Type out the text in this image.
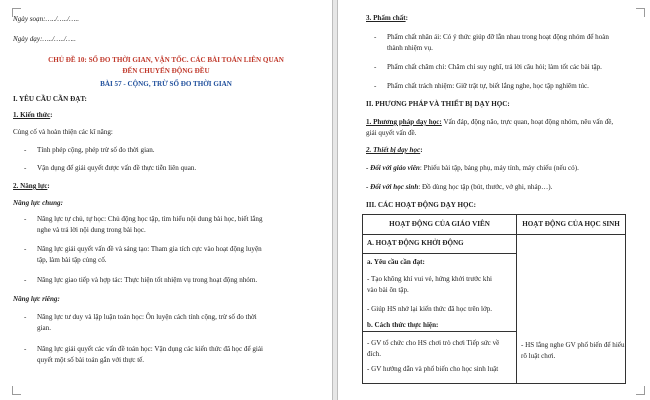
Ngày soạn:…../…../…..
Ngày dạy:…../…../…..
CHỦ ĐỀ 10: SỐ ĐO THỜI GIAN, VẬN TỐC. CÁC BÀI TOÁN LIÊN QUAN
ĐẾN CHUYỂN ĐỘNG ĐỀU
BÀI 57 - CỘNG, TRỪ SỐ ĐO THỜI GIAN
I. YÊU CẦU CẦN ĐẠT:
1. Kiến thức:
Củng cố và hoàn thiện các kĩ năng:
- Tính phép cộng, phép trừ số đo thời gian.
- Vận dụng để giải quyết được vấn đề thực tiễn liên quan.
2. Năng lực:
Năng lực chung:
- Năng lực tự chủ, tự học: Chủ động học tập, tìm hiểu nội dung bài học, biết lắng
nghe và trả lời nội dung trong bài học.
- Năng lực giải quyết vấn đề và sáng tạo: Tham gia tích cực vào hoạt động luyện
tập, làm bài tập củng cố.
- Năng lực giao tiếp và hợp tác: Thực hiện tốt nhiệm vụ trong hoạt động nhóm.
Năng lực riêng:
- Năng lực tư duy và lập luận toán học: Ôn luyện cách tính cộng, trừ số đo thời
gian.
- Năng lực giải quyết các vấn đề toán học: Vận dụng các kiến thức đã học để giải
quyết một số bài toán gắn với thực tế.
3. Phẩm chất:
- Phẩm chất nhân ái: Có ý thức giúp đỡ lẫn nhau trong hoạt động nhóm để hoàn
thành nhiệm vụ.
- Phẩm chất chăm chỉ: Chăm chỉ suy nghĩ, trả lời câu hỏi; làm tốt các bài tập.
- Phẩm chất trách nhiệm: Giữ trật tự, biết lắng nghe, học tập nghiêm túc.
II. PHƯƠNG PHÁP VÀ THIẾT BỊ DẠY HỌC:
1. Phương pháp dạy học: Vấn đáp, động não, trực quan, hoạt động nhóm, nêu vấn đề,
giải quyết vấn đề.
2. Thiết bị dạy học:
- Đối với giáo viên: Phiếu bài tập, bảng phụ, máy tính, máy chiếu (nếu có).
- Đối với học sinh: Đồ dùng học tập (bút, thước, vở ghi, nháp…).
III. CÁC HOẠT ĐỘNG DẠY HỌC:
HOẠT ĐỘNG CỦA GIÁO VIÊN	HOẠT ĐỘNG CỦA HỌC SINH
A. HOẠT ĐỘNG KHỞI ĐỘNG
a. Yêu cầu cần đạt:
- Tạo không khí vui vẻ, hứng khởi trước khi
vào bài ôn tập.
- Giúp HS nhớ lại kiến thức đã học trên lớp.
b. Cách thức thực hiện:
- GV tổ chức cho HS chơi trò chơi Tiếp sức về
đích.
- GV hướng dẫn và phổ biến cho học sinh luật
- HS lắng nghe GV phổ biến để hiểu
rõ luật chơi.
